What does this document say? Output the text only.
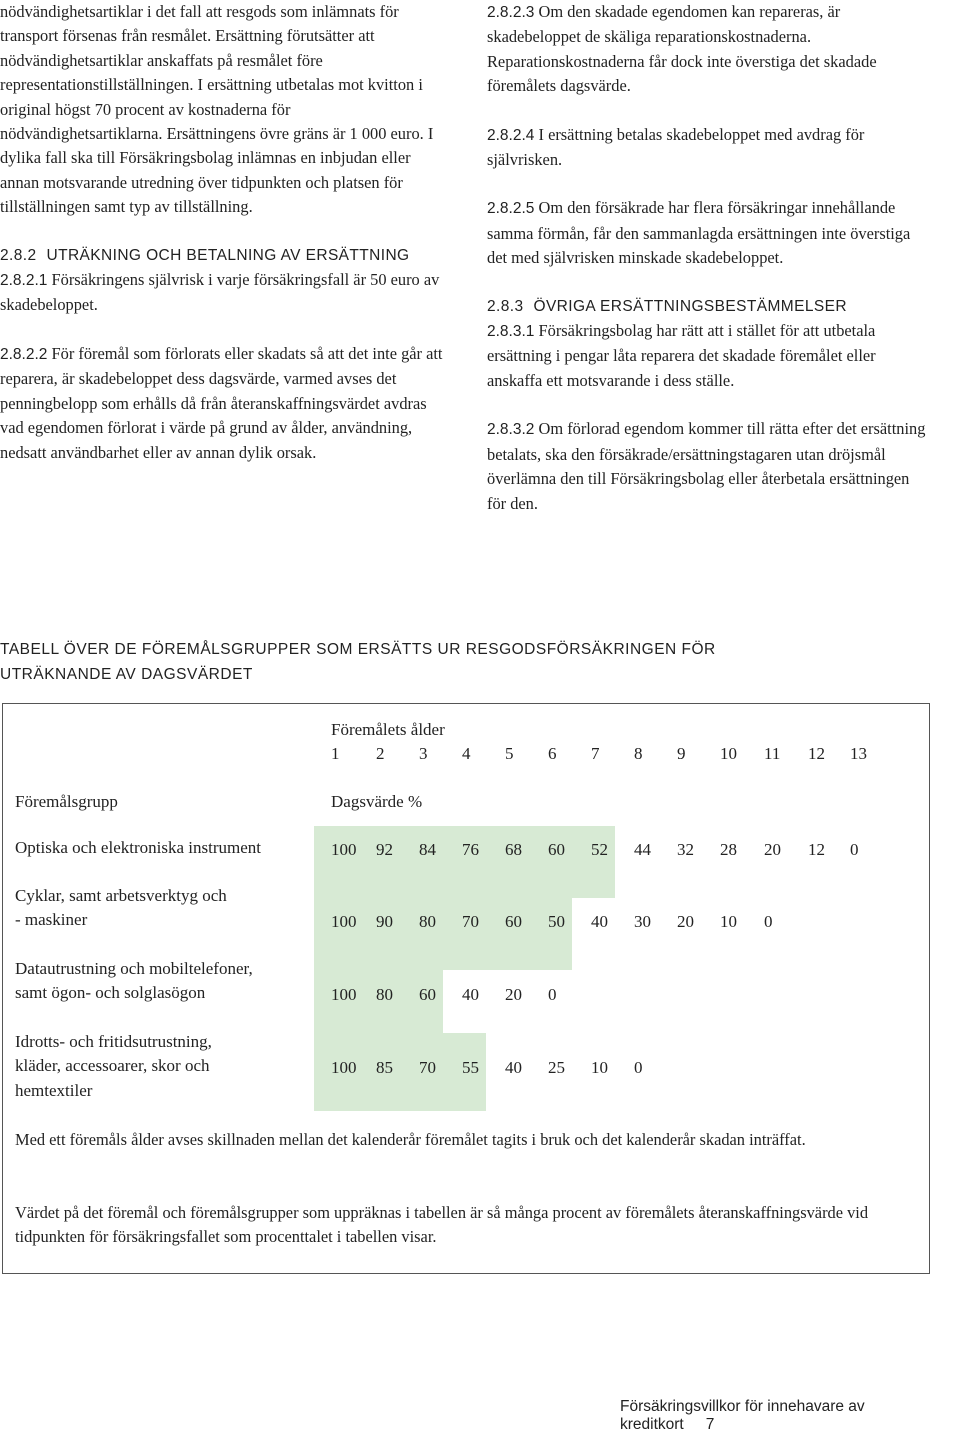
nödvändighetsartiklar i det fall att resgods som inlämnats för transport försenas från resmålet. Ersättning förutsätter att nödvändighetsartiklar anskaffats på resmålet före representationstillställningen. I ersättning utbetalas mot kvitton i original högst 70 procent av kostnaderna för nödvändighetsartiklarna. Ersättningens övre gräns är 1 000 euro. I dylika fall ska till Försäkringsbolag inlämnas en inbjudan eller annan motsvarande utredning över tidpunkten och platsen för tillställningen samt typ av tillställning.

2.8.2 UTRÄKNING OCH BETALNING AV ERSÄTTNING

2.8.2.1 Försäkringens självrisk i varje försäkringsfall är 50 euro av skadebeloppet.

2.8.2.2 För föremål som förlorats eller skadats så att det inte går att reparera, är skadebeloppet dess dagsvärde, varmed avses det penningbelopp som erhålls då från återanskaffningsvärdet avdras vad egendomen förlorat i värde på grund av ålder, användning, nedsatt användbarhet eller av annan dylik orsak.

2.8.2.3 Om den skadade egendomen kan repareras, är skadebeloppet de skäliga reparationskostnaderna. Reparationskostnaderna får dock inte överstiga det skadade föremålets dagsvärde.

2.8.2.4 I ersättning betalas skadebeloppet med avdrag för självrisken.

2.8.2.5 Om den försäkrade har flera försäkringar innehållande samma förmån, får den sammanlagda ersättningen inte överstiga det med självrisken minskade skadebeloppet.

2.8.3 ÖVRIGA ERSÄTTNINGSBESTÄMMELSER

2.8.3.1 Försäkringsbolag har rätt att i stället för att utbetala ersättning i pengar låta reparera det skadade föremålet eller anskaffa ett motsvarande i dess ställe.

2.8.3.2 Om förlorad egendom kommer till rätta efter det ersättning betalats, ska den försäkrade/ersättningstagaren utan dröjsmål överlämna den till Försäkringsbolag eller återbetala ersättningen för den.

TABELL ÖVER DE FÖREMÅLSGRUPPER SOM ERSÄTTS UR RESGODSFÖRSÄKRINGEN FÖR UTRÄKNANDE AV DAGSVÄRDET

Föremålets ålder
1 2 3 4 5 6 7 8 9 10 11 12 13
Föremålsgrupp	Dagsvärde %
Optiska och elektroniska instrument	100 92 84 76 68 60 52 44 32 28 20 12 0
Cyklar, samt arbetsverktyg och
- maskiner	100 90 80 70 60 50 40 30 20 10 0
Datautrustning och mobiltelefoner,
samt ögon- och solglasögon	100 80 60 40 20 0
Idrotts- och fritidsutrustning,
kläder, accessoarer, skor och
hemtextiler
100 85 70 55 40 25 10 0
Med ett föremåls ålder avses skillnaden mellan det kalenderår föremålet tagits i bruk och det kalenderår skadan inträffat.
Värdet på det föremål och föremålsgrupper som uppräknas i tabellen är så många procent av föremålets återanskaffningsvärde vid tidpunkten för försäkringsfallet som procenttalet i tabellen visar.
Försäkringsvillkor för innehavare av kreditkort 7
